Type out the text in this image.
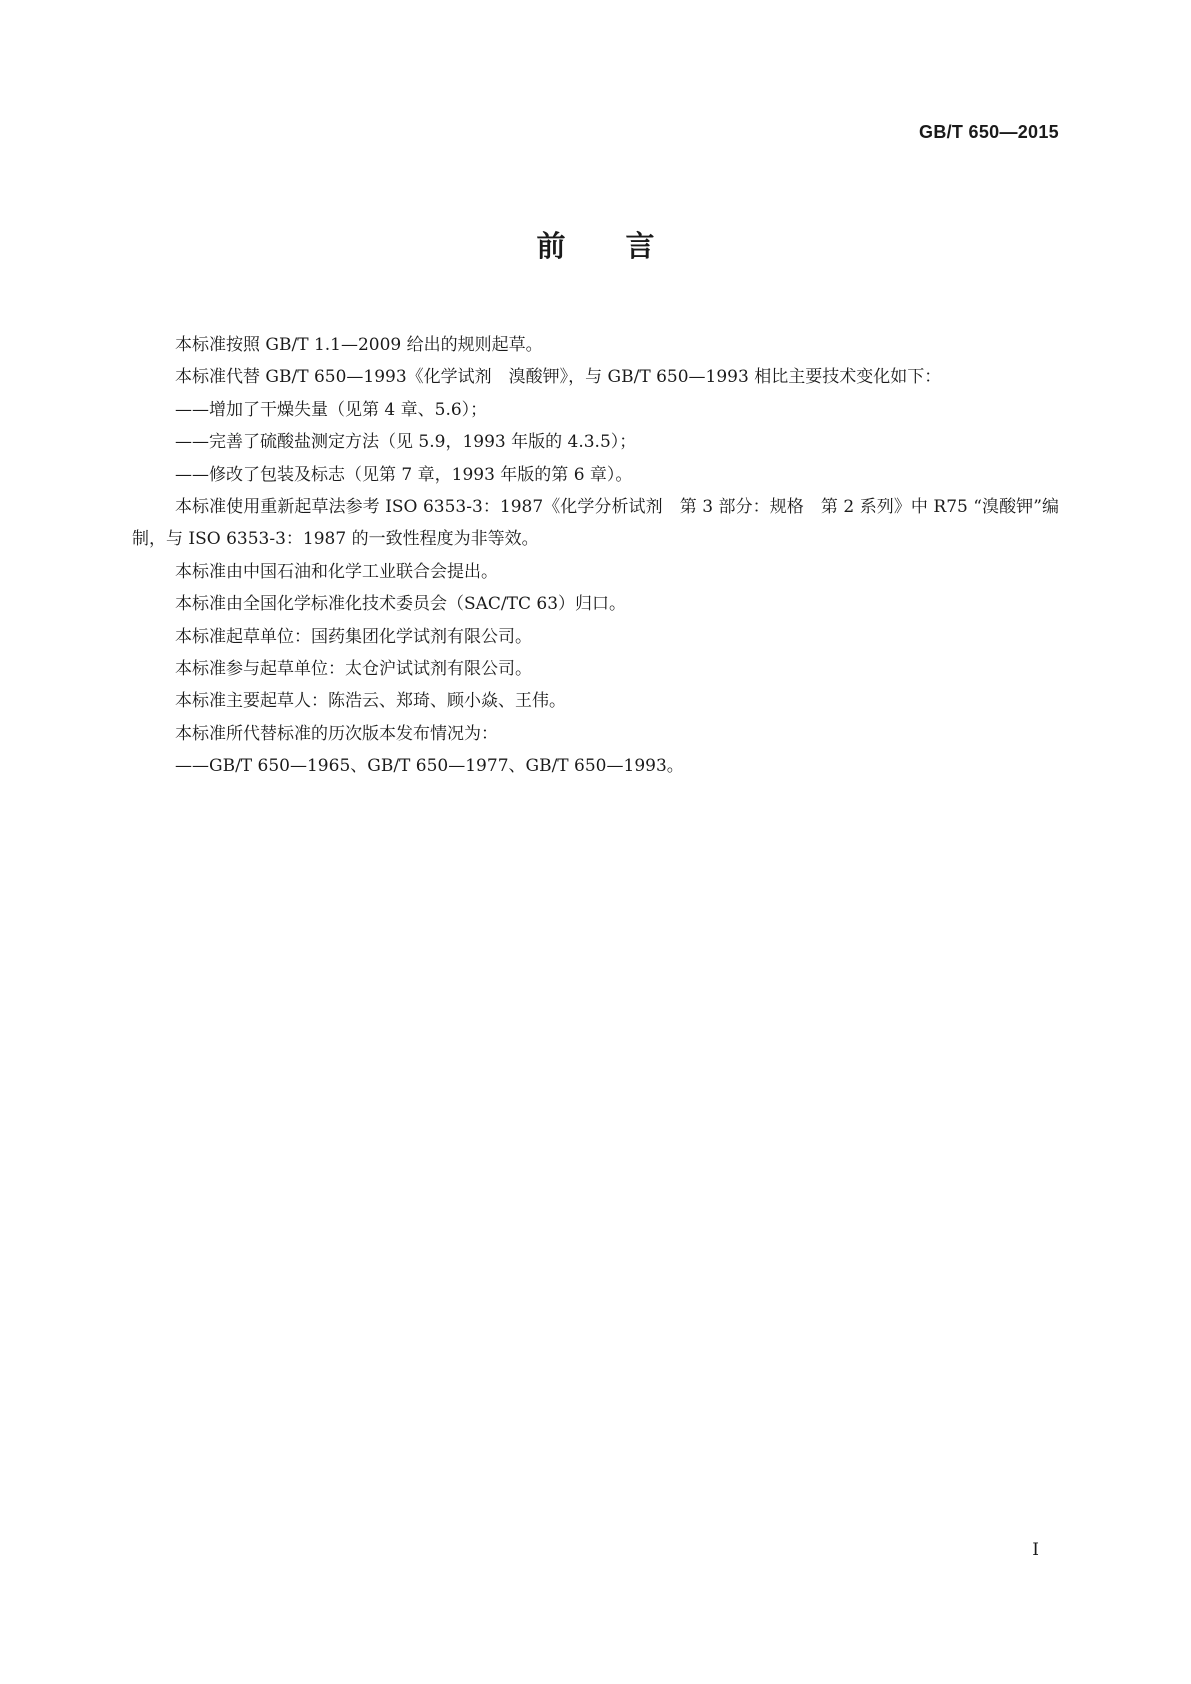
GB/T 650—2015
前言

本标准按照 GB/T 1.1—2009 给出的规则起草。

本标准代替 GB/T 650—1993《化学试剂　溴酸钾》，与 GB/T 650—1993 相比主要技术变化如下：

——增加了干燥失量（见第 4 章、5.6）；

——完善了硫酸盐测定方法（见 5.9，1993 年版的 4.3.5）；

——修改了包装及标志（见第 7 章，1993 年版的第 6 章）。

本标准使用重新起草法参考 ISO 6353-3：1987《化学分析试剂　第 3 部分：规格　第 2 系列》中 R75 “溴酸钾”编制，与 ISO 6353-3：1987 的一致性程度为非等效。

本标准由中国石油和化学工业联合会提出。

本标准由全国化学标准化技术委员会（SAC/TC 63）归口。

本标准起草单位：国药集团化学试剂有限公司。

本标准参与起草单位：太仓沪试试剂有限公司。

本标准主要起草人：陈浩云、郑琦、顾小焱、王伟。

本标准所代替标准的历次版本发布情况为：

——GB/T 650—1965、GB/T 650—1977、GB/T 650—1993。

I
